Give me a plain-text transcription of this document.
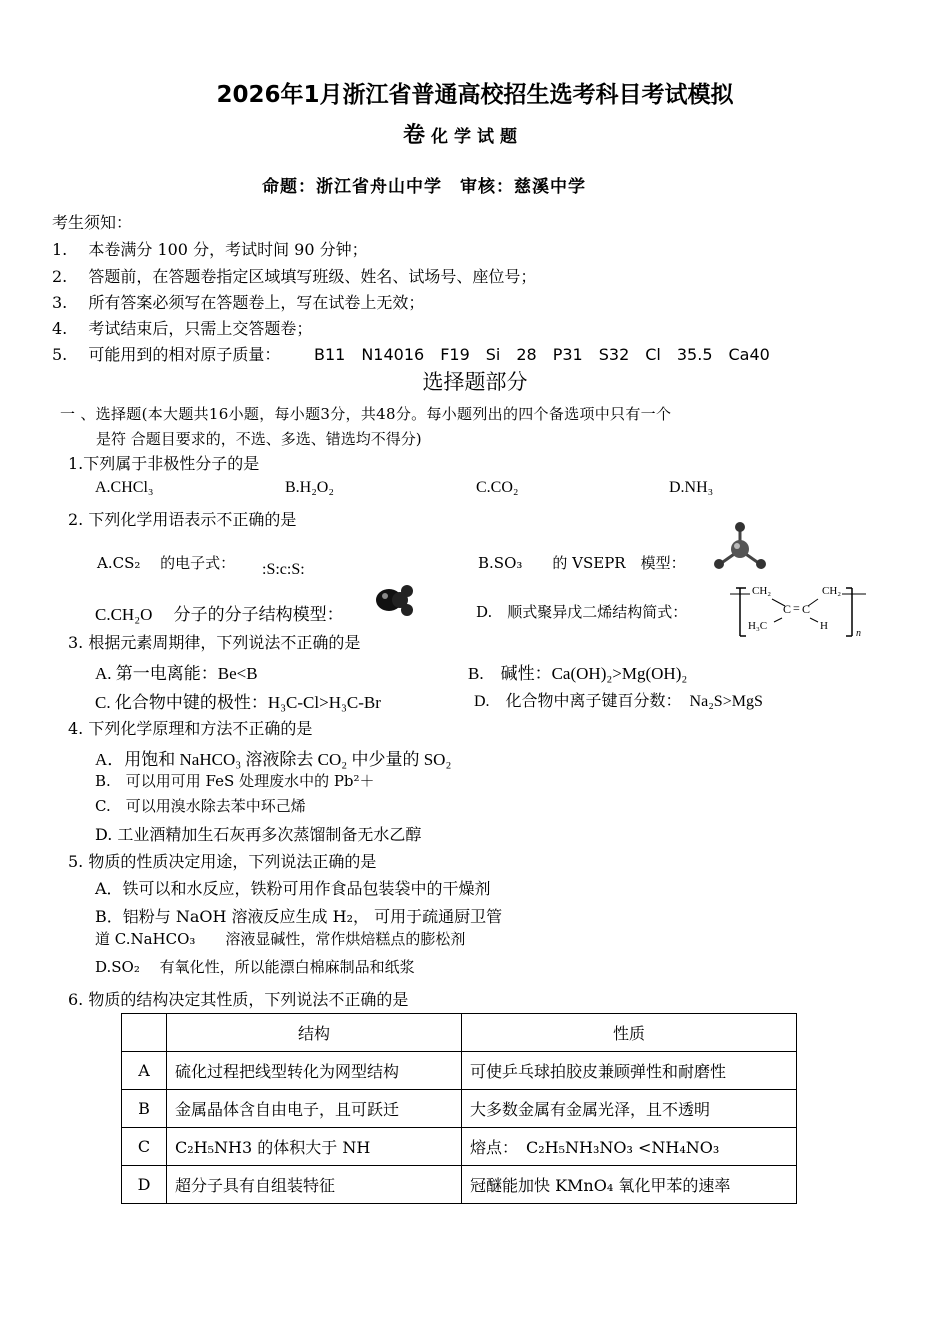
2026年1月浙江省普通高校招生选考科目考试模拟
卷 化学试题
命题：浙江省舟山中学　审核：慈溪中学
考生须知：
1.　 本卷满分 100 分，考试时间 90 分钟；
2.　 答题前，在答题卷指定区域填写班级、姓名、试场号、座位号；
3.　 所有答案必须写在答题卷上，写在试卷上无效；
4.　 考试结束后，只需上交答题卷；
5.　 可能用到的相对原子质量： B11　N14016　F19　Si　28　P31　S32　Cl　35.5　Ca40
选择题部分
一 、选择题(本大题共16小题，每小题3分，共48分。每小题列出的四个备选项中只有一个
是符 合题目要求的，不选、多选、错选均不得分)
1.下列属于非极性分子的是
A.CHCl₃	B.H₂O₂	C.CO₂	D.NH₃
2. 下列化学用语表示不正确的是
A.CS₂　 的电子式： :S:c:S:	B.SO₃　　的 VSEPR　模型：
C.CH₂O　 分子的分子结构模型：	D.　顺式聚异戊二烯结构简式：
CH₂	CH₂
C = C
H₃C	H
n
3. 根据元素周期律，下列说法不正确的是
A. 第一电离能：Be<B	B.　碱性：Ca(OH)₂>Mg(OH)₂
C. 化合物中键的极性：H₃C-Cl>H₃C-Br	D.　化合物中离子键百分数：　Na₂S>MgS
4. 下列化学原理和方法不正确的是
A．用饱和 NaHCO₃ 溶液除去 CO₂ 中少量的 SO₂
B.　可以用可用 FeS 处理废水中的 Pb²＋
C.　可以用溴水除去苯中环己烯
D. 工业酒精加生石灰再多次蒸馏制备无水乙醇
5. 物质的性质决定用途，下列说法正确的是
A．铁可以和水反应，铁粉可用作食品包装袋中的干燥剂
B．铝粉与 NaOH 溶液反应生成 H₂， 可用于疏通厨卫管
道 C.NaHCO₃　　溶液显碱性，常作烘焙糕点的膨松剂
D.SO₂　 有氧化性，所以能漂白棉麻制品和纸浆
6. 物质的结构决定其性质，下列说法不正确的是
	结构	性质
A	硫化过程把线型转化为网型结构	可使乒乓球拍胶皮兼顾弹性和耐磨性
B	金属晶体含自由电子，且可跃迁	大多数金属有金属光泽，且不透明
C	C₂H₅NH3 的体积大于 NH	熔点：　C₂H₅NH₃NO₃ <NH₄NO₃
D	超分子具有自组装特征	冠醚能加快 KMnO₄ 氧化甲苯的速率
